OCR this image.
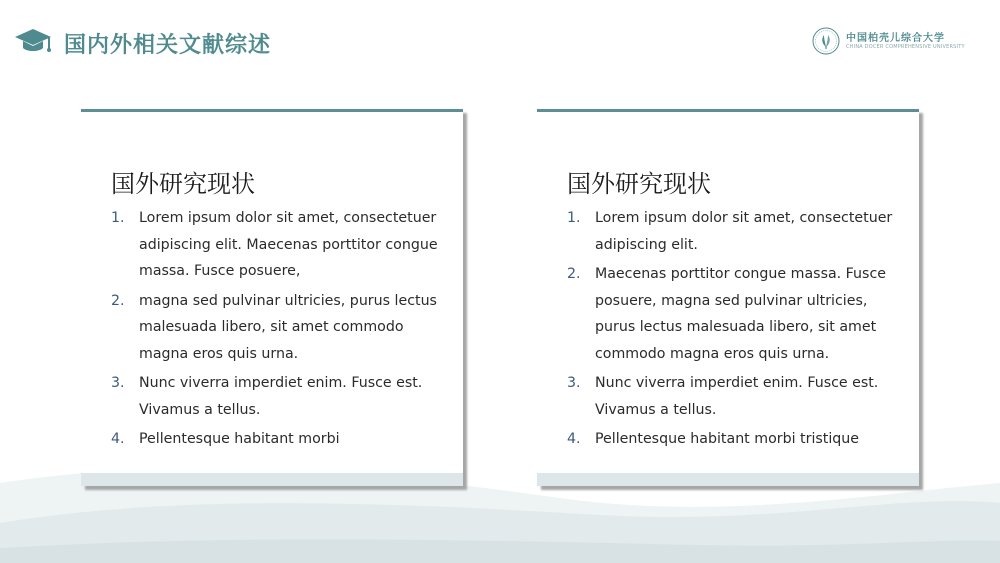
国内外相关文献综述	中国柏壳儿综合大学
CHINA DOCER COMPREHENSIVE UNIVERSITY
国外研究现状
1. Lorem ipsum dolor sit amet, consectetuer adipiscing elit. Maecenas porttitor congue massa. Fusce posuere,
2. magna sed pulvinar ultricies, purus lectus malesuada libero, sit amet commodo magna eros quis urna.
3. Nunc viverra imperdiet enim. Fusce est. Vivamus a tellus.
4. Pellentesque habitant morbi
国外研究现状
1. Lorem ipsum dolor sit amet, consectetuer adipiscing elit.
2. Maecenas porttitor congue massa. Fusce posuere, magna sed pulvinar ultricies, purus lectus malesuada libero, sit amet commodo magna eros quis urna.
3. Nunc viverra imperdiet enim. Fusce est. Vivamus a tellus.
4. Pellentesque habitant morbi tristique
